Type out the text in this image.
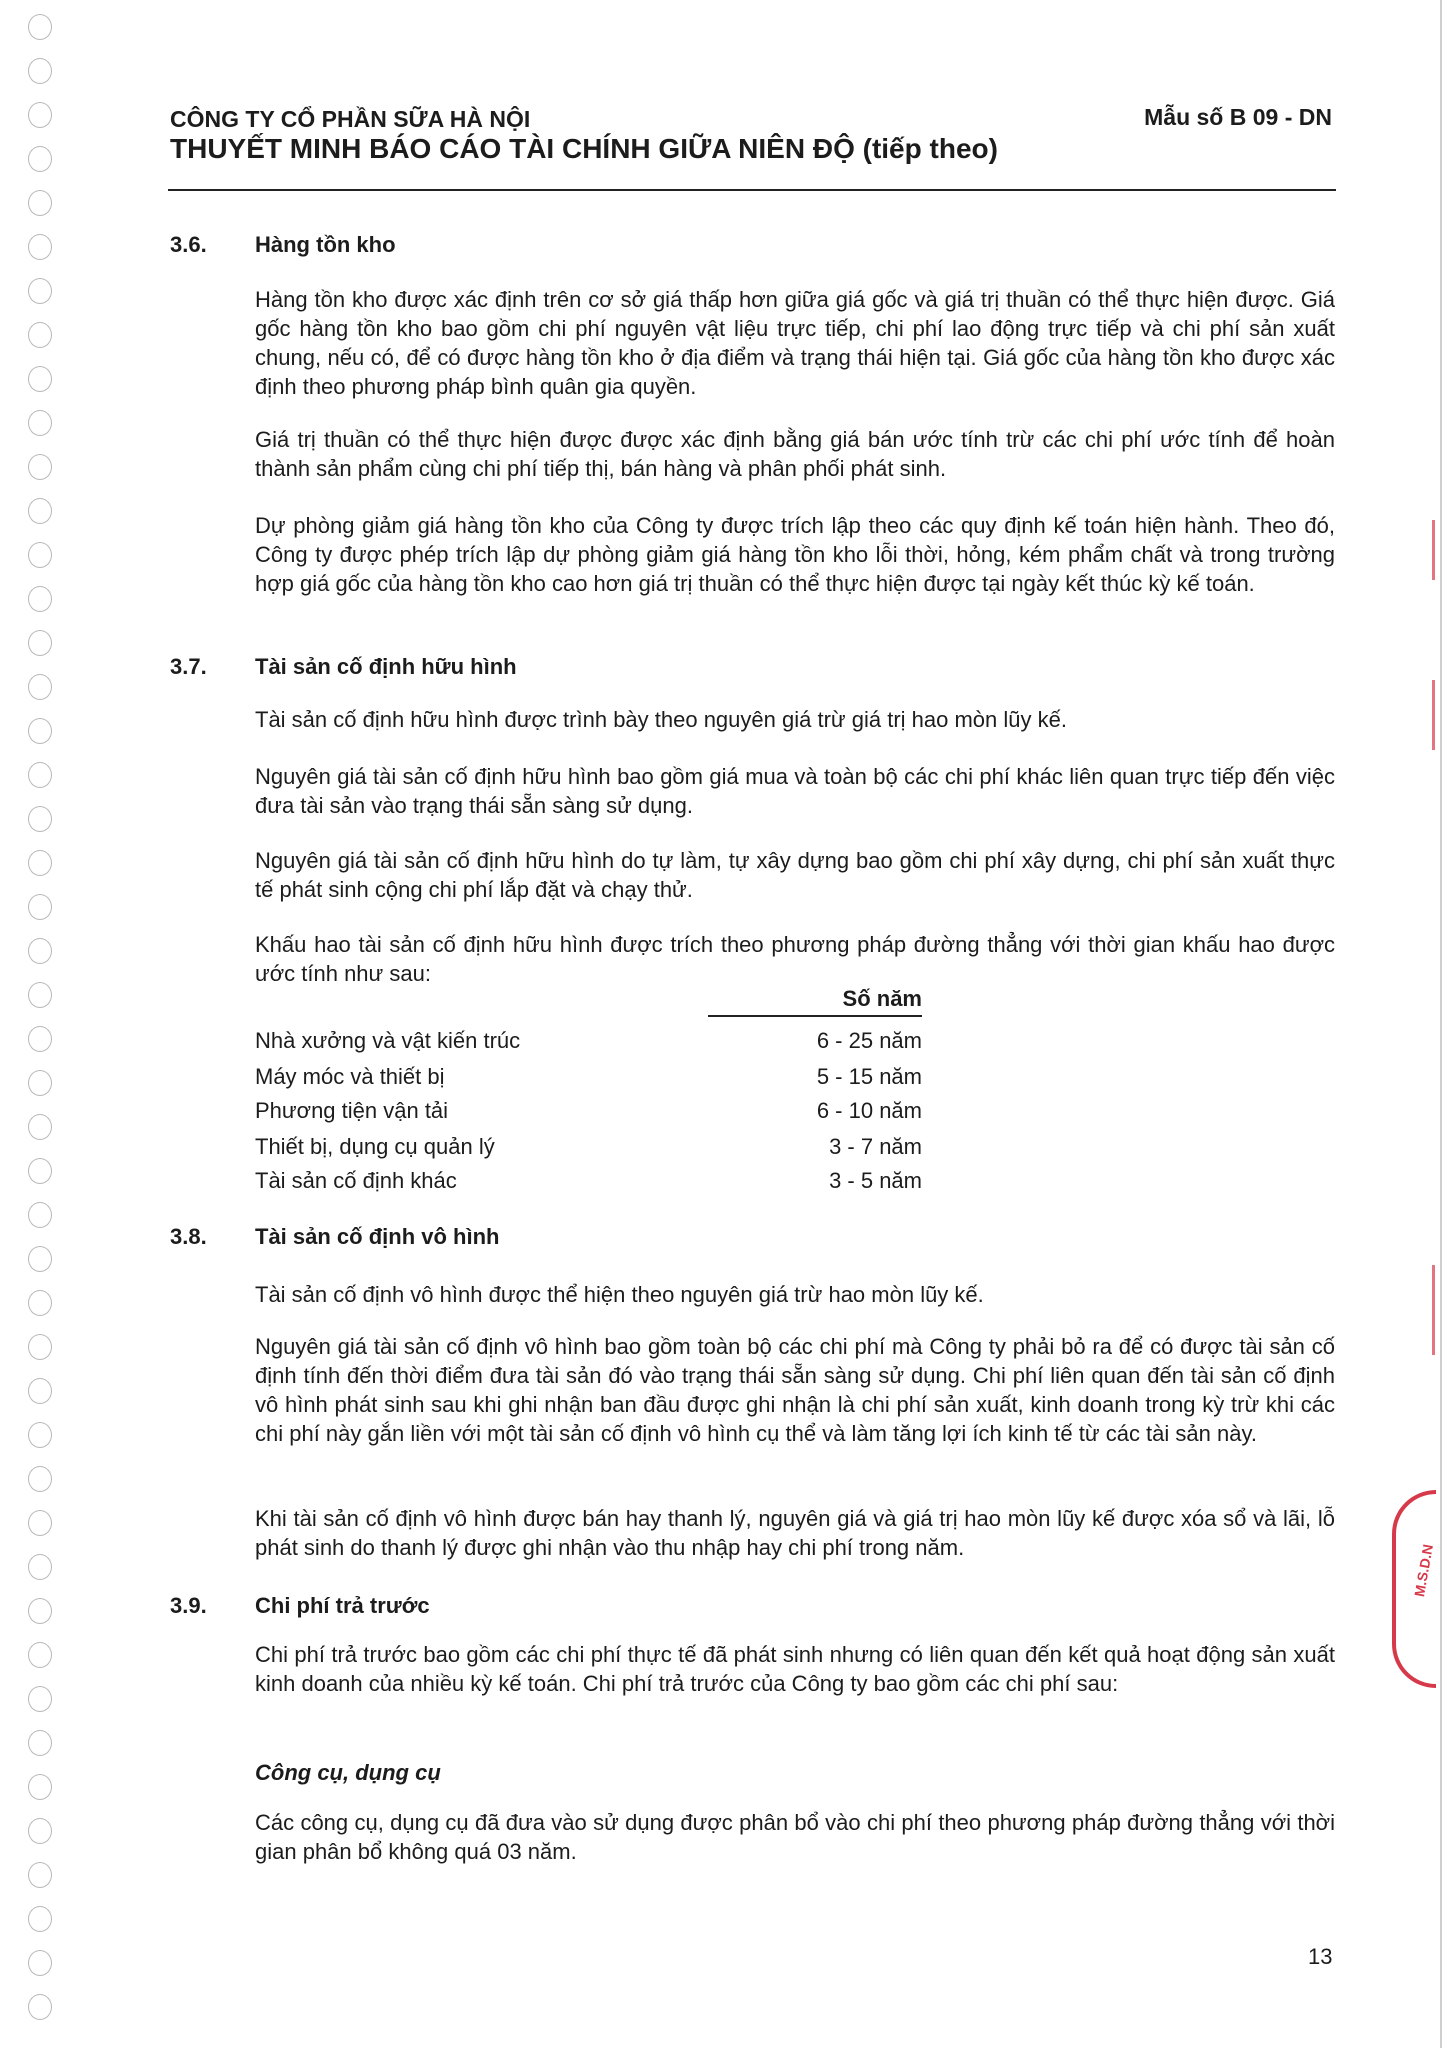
CÔNG TY CỔ PHẦN SỮA HÀ NỘI
THUYẾT MINH BÁO CÁO TÀI CHÍNH GIỮA NIÊN ĐỘ (tiếp theo)
Mẫu số B 09 - DN
3.6. Hàng tồn kho
Hàng tồn kho được xác định trên cơ sở giá thấp hơn giữa giá gốc và giá trị thuần có thể thực hiện được. Giá gốc hàng tồn kho bao gồm chi phí nguyên vật liệu trực tiếp, chi phí lao động trực tiếp và chi phí sản xuất chung, nếu có, để có được hàng tồn kho ở địa điểm và trạng thái hiện tại. Giá gốc của hàng tồn kho được xác định theo phương pháp bình quân gia quyền.
Giá trị thuần có thể thực hiện được được xác định bằng giá bán ước tính trừ các chi phí ước tính để hoàn thành sản phẩm cùng chi phí tiếp thị, bán hàng và phân phối phát sinh.
Dự phòng giảm giá hàng tồn kho của Công ty được trích lập theo các quy định kế toán hiện hành. Theo đó, Công ty được phép trích lập dự phòng giảm giá hàng tồn kho lỗi thời, hỏng, kém phẩm chất và trong trường hợp giá gốc của hàng tồn kho cao hơn giá trị thuần có thể thực hiện được tại ngày kết thúc kỳ kế toán.
3.7. Tài sản cố định hữu hình
Tài sản cố định hữu hình được trình bày theo nguyên giá trừ giá trị hao mòn lũy kế.
Nguyên giá tài sản cố định hữu hình bao gồm giá mua và toàn bộ các chi phí khác liên quan trực tiếp đến việc đưa tài sản vào trạng thái sẵn sàng sử dụng.
Nguyên giá tài sản cố định hữu hình do tự làm, tự xây dựng bao gồm chi phí xây dựng, chi phí sản xuất thực tế phát sinh cộng chi phí lắp đặt và chạy thử.
Khấu hao tài sản cố định hữu hình được trích theo phương pháp đường thẳng với thời gian khấu hao được ước tính như sau:
Số năm
Nhà xưởng và vật kiến trúc	6 - 25 năm
Máy móc và thiết bị	5 - 15 năm
Phương tiện vận tải	6 - 10 năm
Thiết bị, dụng cụ quản lý	3 - 7 năm
Tài sản cố định khác	3 - 5 năm
3.8. Tài sản cố định vô hình
Tài sản cố định vô hình được thể hiện theo nguyên giá trừ hao mòn lũy kế.
Nguyên giá tài sản cố định vô hình bao gồm toàn bộ các chi phí mà Công ty phải bỏ ra để có được tài sản cố định tính đến thời điểm đưa tài sản đó vào trạng thái sẵn sàng sử dụng. Chi phí liên quan đến tài sản cố định vô hình phát sinh sau khi ghi nhận ban đầu được ghi nhận là chi phí sản xuất, kinh doanh trong kỳ trừ khi các chi phí này gắn liền với một tài sản cố định vô hình cụ thể và làm tăng lợi ích kinh tế từ các tài sản này.
Khi tài sản cố định vô hình được bán hay thanh lý, nguyên giá và giá trị hao mòn lũy kế được xóa sổ và lãi, lỗ phát sinh do thanh lý được ghi nhận vào thu nhập hay chi phí trong năm.
3.9. Chi phí trả trước
Chi phí trả trước bao gồm các chi phí thực tế đã phát sinh nhưng có liên quan đến kết quả hoạt động sản xuất kinh doanh của nhiều kỳ kế toán. Chi phí trả trước của Công ty bao gồm các chi phí sau:
Công cụ, dụng cụ
Các công cụ, dụng cụ đã đưa vào sử dụng được phân bổ vào chi phí theo phương pháp đường thẳng với thời gian phân bổ không quá 03 năm.
13
M.S.D.N
